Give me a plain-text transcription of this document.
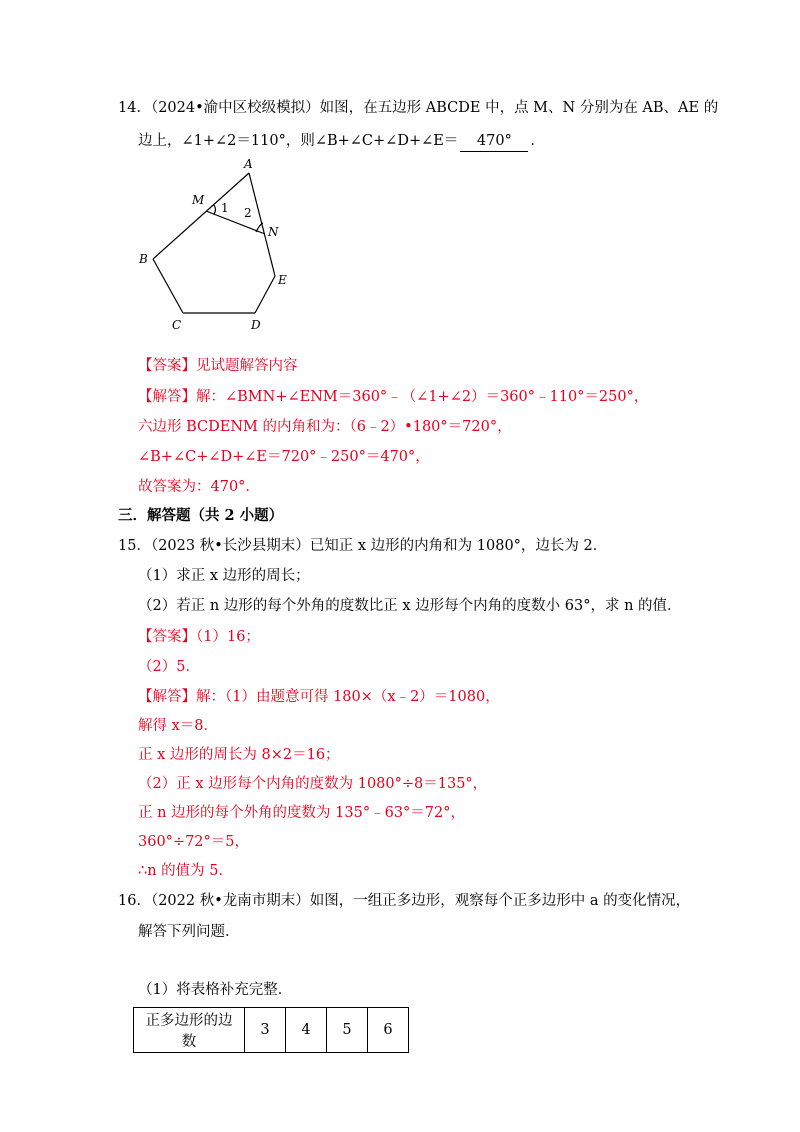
14．（2024•渝中区校级模拟）如图，在五边形 ABCDE 中，点 M、N 分别为在 AB、AE 的
边上，∠1+∠2＝110°，则∠B+∠C+∠D+∠E＝ 470° ．
A
M
N
B
C	D
E
1 2
【答案】见试题解答内容
【解答】解：∠BMN+∠ENM＝360°﹣（∠1+∠2）＝360°﹣110°＝250°，
六边形 BCDENM 的内角和为：（6﹣2）•180°＝720°，
∠B+∠C+∠D+∠E＝720°﹣250°＝470°，
故答案为：470°．
三．解答题（共 2 小题）
15．（2023 秋•长沙县期末）已知正 x 边形的内角和为 1080°，边长为 2．
（1）求正 x 边形的周长；
（2）若正 n 边形的每个外角的度数比正 x 边形每个内角的度数小 63°，求 n 的值．
【答案】（1）16；
（2）5．
【解答】解：（1）由题意可得 180×（x﹣2）＝1080，
解得 x＝8．
正 x 边形的周长为 8×2＝16；
（2）正 x 边形每个内角的度数为 1080°÷8＝135°，
正 n 边形的每个外角的度数为 135°﹣63°＝72°，
360°÷72°＝5，
∴n 的值为 5．
16．（2022 秋•龙南市期末）如图，一组正多边形，观察每个正多边形中 a 的变化情况，
解答下列问题．
（1）将表格补充完整．
正多边形的边数	3	4	5	6
